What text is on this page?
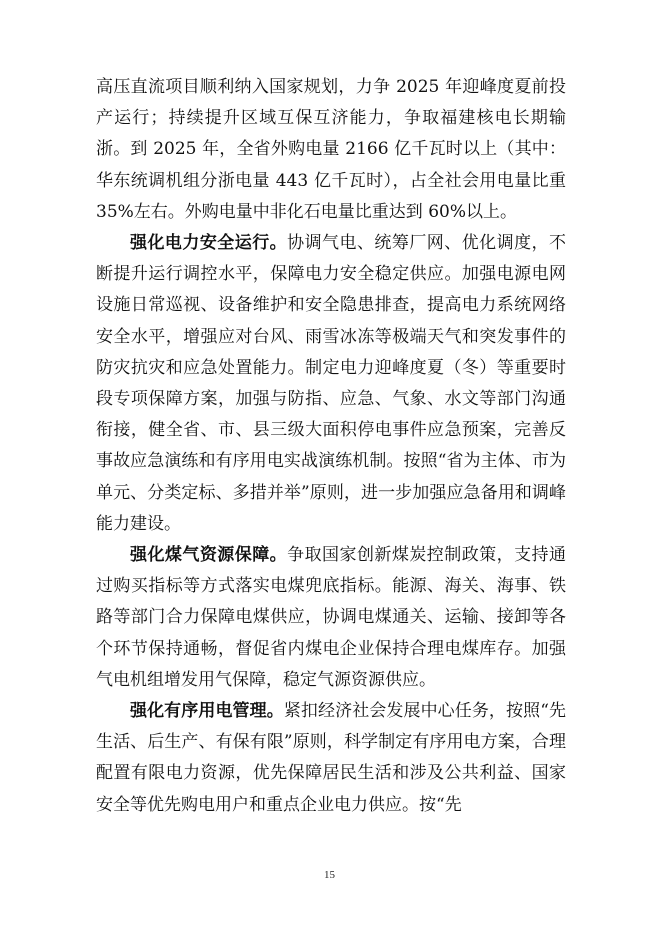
高压直流项目顺利纳入国家规划，力争 2025 年迎峰度夏前投产运行；持续提升区域互保互济能力，争取福建核电长期输浙。到 2025 年，全省外购电量 2166 亿千瓦时以上（其中：华东统调机组分浙电量 443 亿千瓦时），占全社会用电量比重 35%左右。外购电量中非化石电量比重达到 60%以上。

强化电力安全运行。协调气电、统筹厂网、优化调度，不断提升运行调控水平，保障电力安全稳定供应。加强电源电网设施日常巡视、设备维护和安全隐患排查，提高电力系统网络安全水平，增强应对台风、雨雪冰冻等极端天气和突发事件的防灾抗灾和应急处置能力。制定电力迎峰度夏（冬）等重要时段专项保障方案，加强与防指、应急、气象、水文等部门沟通衔接，健全省、市、县三级大面积停电事件应急预案，完善反事故应急演练和有序用电实战演练机制。按照“省为主体、市为单元、分类定标、多措并举”原则，进一步加强应急备用和调峰能力建设。

强化煤气资源保障。争取国家创新煤炭控制政策，支持通过购买指标等方式落实电煤兜底指标。能源、海关、海事、铁路等部门合力保障电煤供应，协调电煤通关、运输、接卸等各个环节保持通畅，督促省内煤电企业保持合理电煤库存。加强气电机组增发用气保障，稳定气源资源供应。

强化有序用电管理。紧扣经济社会发展中心任务，按照“先生活、后生产、有保有限”原则，科学制定有序用电方案，合理配置有限电力资源，优先保障居民生活和涉及公共利益、国家安全等优先购电用户和重点企业电力供应。按“先

15
